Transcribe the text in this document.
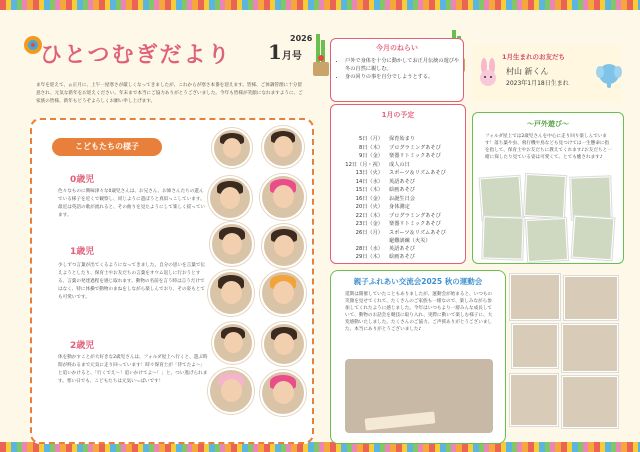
ひとつむぎだより
2026
1月号
ま年を迎えて、ぉ正月に、上午一屋寒さが厳しくなってきましたが、これからが寒さ本番を迎えます。皆様、ご体調管理に十分留意され、元気な新年をお迎えください。年末まで本当にご協力ありがとうございました。今年も皆様が笑顔になれますように、ご家族の皆様、新年もどうぞよろしくお願い申し上げます。
今月のねらい
• 戸外で身体を十分に動かしてお正月伝統の遊びや冬の自然に親しむ。
• 身の回りの事を自分でしようとする。
1月生まれのお友だち
村山 新くん
2023年1月18日生まれ
こどもたちの様子
0歳児
色々なものに興味津々な0歳児さんは、お兄さん、お姉さんたちの遊んでいる様子を近くで観察し、同じように遊ぼうと真似っこしています。最近は英語の歌が流れると、その曲りを見たようにして楽しく揺っています。
1歳児
少しずつ言葉が出てくるようになってきました。自分の思いを言葉で伝えようとしたり、保育士やお友だちの言葉をオウム返しに行おうとする、言葉の発達過程を感じ取れます。動物の名前を言う時は言うだけではなく、特に体操で動物のまねをしながら楽しんでおり、その姿もとても可愛いです。
2歳児
体を動かすことが大好きな2歳児さんは、フォルダ屋上へ行くと、遊ぶ時間が終わるまで元気に走り回っています！時々保育士が「待てたよ〜」と追いかけると、「行くでえ〜！追いかけてよ〜！」と、つい逃げられます。寒い日でも、こどもたちは元気いっぱいです！
1月の予定
5日（月） 保育始まり
8日（木） プログラミングあそび
9日（金） 楽器リトミックあそび
12日（月・祝） 成人の日
13日（火） スポーツ＆リズムあそび
14日（水） 英語あそび
15日（木） 絵画あそび
16日（金） お誕生日会
20日（火） 身体測定
22日（木） プログラミングあそび
23日（金） 楽器リトミックあそび
26日（月） スポーツ＆リズムあそび
避難訓練（火災）
28日（水） 英語あそび
29日（木） 絵画あそび
〜戸外遊び〜
フォルダ屋上では2歳児さんを中心に走り回り楽しんでいます！落ち葉や虫、飛行機や鳥なども見つけては一生懸命に指を指して、保育士やお友だちに教えてくれます♪お友だちと一緒に探したり見ている姿は可愛くて、とても癒されます♪
親子ふれあい交流会2025 秋の運動会
延期は開催していたこともありましたが、運動会が始まると、いつもの笑顔を見せてくれて、たくさんのご家族も一緒なので、楽しみながら参加してくれたように感じました。今年はいつもより一層みんな成長していて、動物のお話会を競技に取り入れ、実際に動いて楽しむ様子に、大変感動いたしました。たくさんのご協力、ご声援ありがとうございました。本当にありがとうございました♪
